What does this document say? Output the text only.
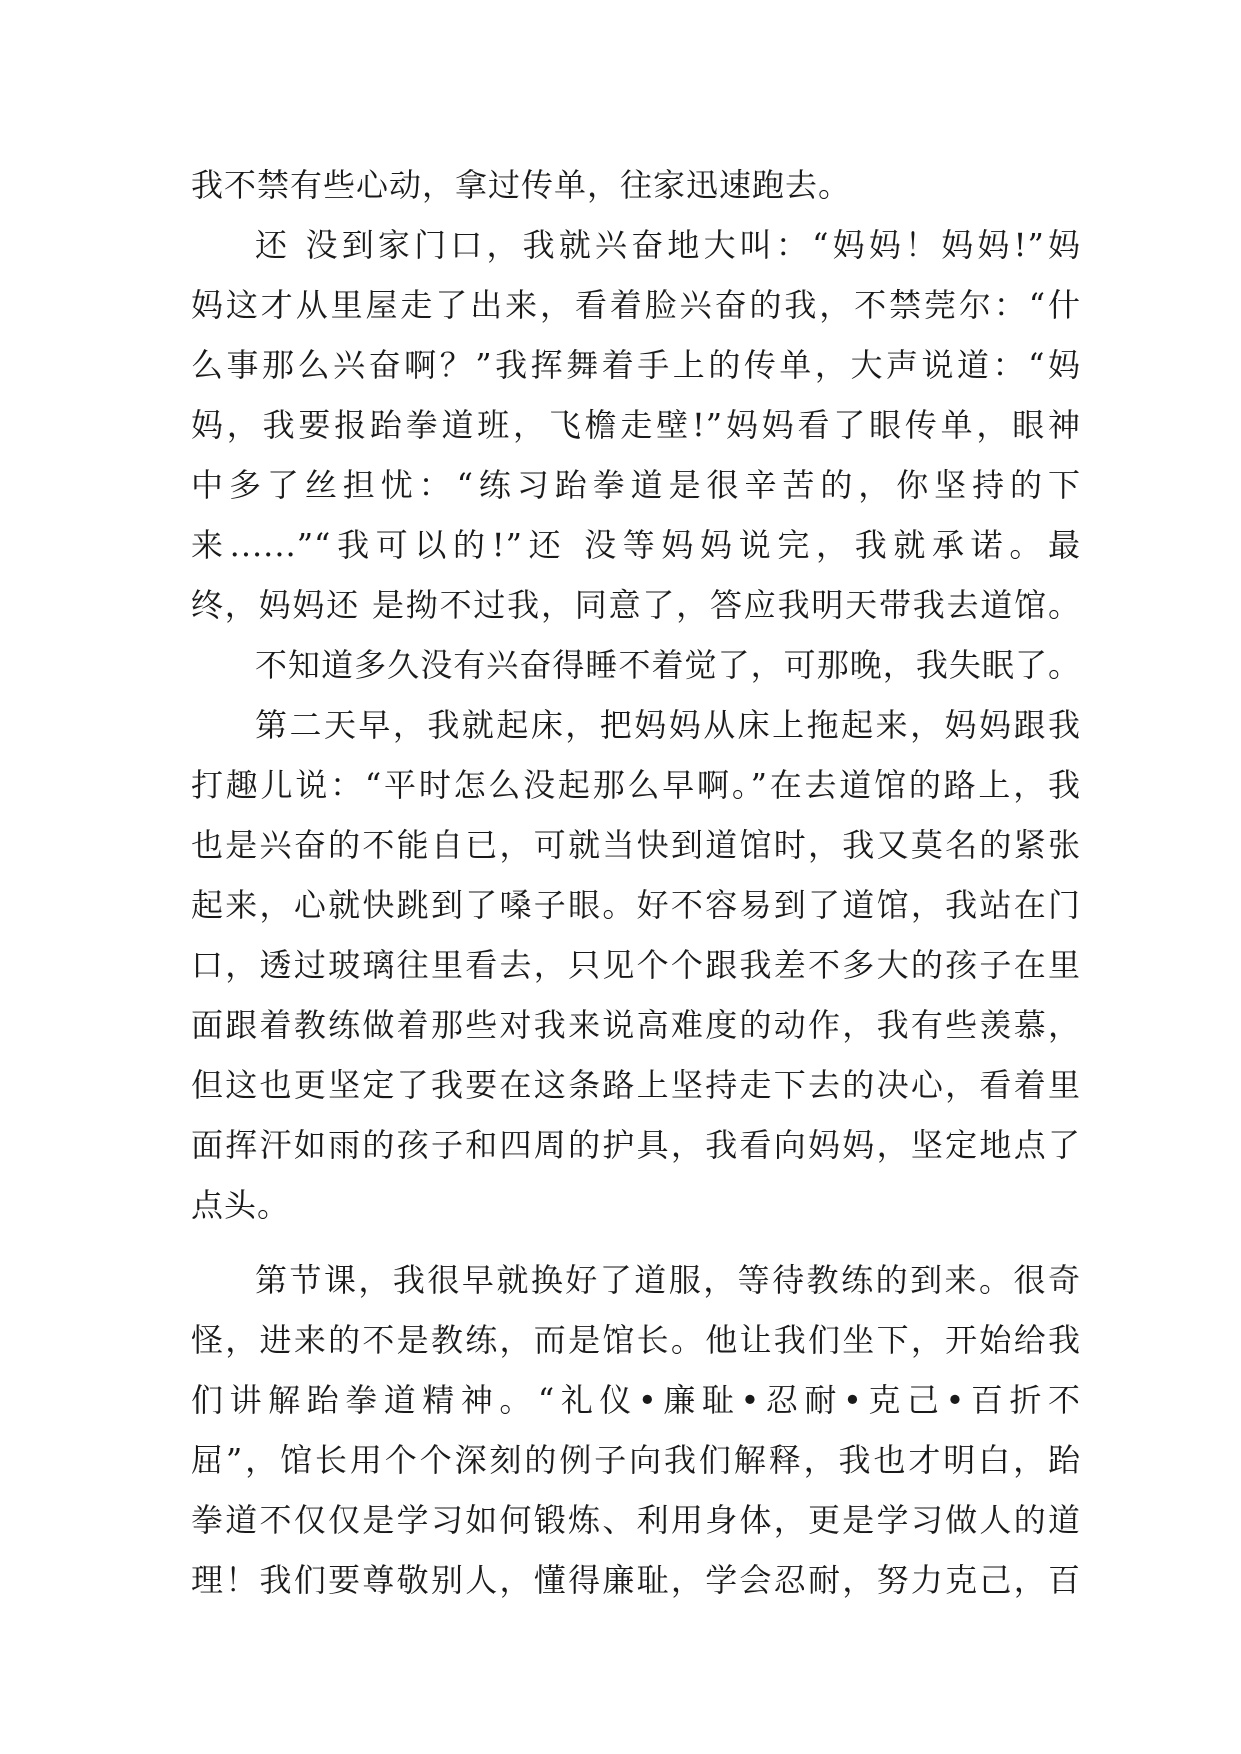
我不禁有些心动，拿过传单，往家迅速跑去。
还 没到家门口，我就兴奋地大叫：“妈妈！妈妈!”妈
妈这才从里屋走了出来，看着脸兴奋的我，不禁莞尔：“什
么事那么兴奋啊？”我挥舞着手上的传单，大声说道：“妈
妈，我要报跆拳道班，飞檐走壁!”妈妈看了眼传单，眼神
中多了丝担忧：“练习跆拳道是很辛苦的，你坚持的下
来......”“我可以的!”还 没等妈妈说完，我就承诺。最
终，妈妈还 是拗不过我，同意了，答应我明天带我去道馆。
不知道多久没有兴奋得睡不着觉了，可那晚，我失眠了。
第二天早，我就起床，把妈妈从床上拖起来，妈妈跟我
打趣儿说：“平时怎么没起那么早啊。”在去道馆的路上，我
也是兴奋的不能自已，可就当快到道馆时，我又莫名的紧张
起来，心就快跳到了嗓子眼。好不容易到了道馆，我站在门
口，透过玻璃往里看去，只见个个跟我差不多大的孩子在里
面跟着教练做着那些对我来说高难度的动作，我有些羡慕，
但这也更坚定了我要在这条路上坚持走下去的决心，看着里
面挥汗如雨的孩子和四周的护具，我看向妈妈，坚定地点了
点头。
第节课，我很早就换好了道服，等待教练的到来。很奇
怪，进来的不是教练，而是馆长。他让我们坐下，开始给我
们讲解跆拳道精神。“礼仪•廉耻•忍耐•克己•百折不
屈”，馆长用个个深刻的例子向我们解释，我也才明白，跆
拳道不仅仅是学习如何锻炼、利用身体，更是学习做人的道
理！我们要尊敬别人，懂得廉耻，学会忍耐，努力克己，百
